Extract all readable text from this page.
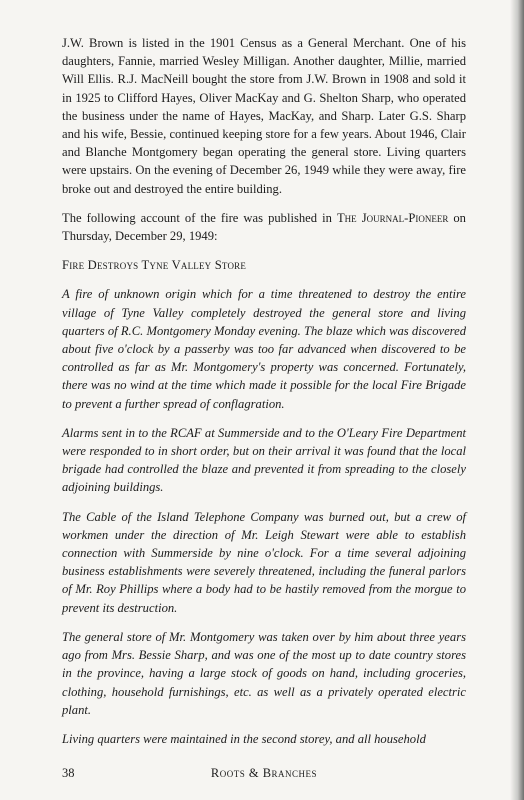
J.W. Brown is listed in the 1901 Census as a General Merchant. One of his daughters, Fannie, married Wesley Milligan. Another daughter, Millie, married Will Ellis. R.J. MacNeill bought the store from J.W. Brown in 1908 and sold it in 1925 to Clifford Hayes, Oliver MacKay and G. Shelton Sharp, who operated the business under the name of Hayes, MacKay, and Sharp. Later G.S. Sharp and his wife, Bessie, continued keeping store for a few years. About 1946, Clair and Blanche Montgomery began operating the general store. Living quarters were upstairs. On the evening of December 26, 1949 while they were away, fire broke out and destroyed the entire building.

The following account of the fire was published in The Journal-Pioneer on Thursday, December 29, 1949:

Fire Destroys Tyne Valley Store

A fire of unknown origin which for a time threatened to destroy the entire village of Tyne Valley completely destroyed the general store and living quarters of R.C. Montgomery Monday evening. The blaze which was discovered about five o'clock by a passerby was too far advanced when discovered to be controlled as far as Mr. Montgomery's property was concerned. Fortunately, there was no wind at the time which made it possible for the local Fire Brigade to prevent a further spread of conflagration.

Alarms sent in to the RCAF at Summerside and to the O'Leary Fire Department were responded to in short order, but on their arrival it was found that the local brigade had controlled the blaze and prevented it from spreading to the closely adjoining buildings.

The Cable of the Island Telephone Company was burned out, but a crew of workmen under the direction of Mr. Leigh Stewart were able to establish connection with Summerside by nine o'clock. For a time several adjoining business establishments were severely threatened, including the funeral parlors of Mr. Roy Phillips where a body had to be hastily removed from the morgue to prevent its destruction.

The general store of Mr. Montgomery was taken over by him about three years ago from Mrs. Bessie Sharp, and was one of the most up to date country stores in the province, having a large stock of goods on hand, including groceries, clothing, household furnishings, etc. as well as a privately operated electric plant.

Living quarters were maintained in the second storey, and all household

38	Roots & Branches
